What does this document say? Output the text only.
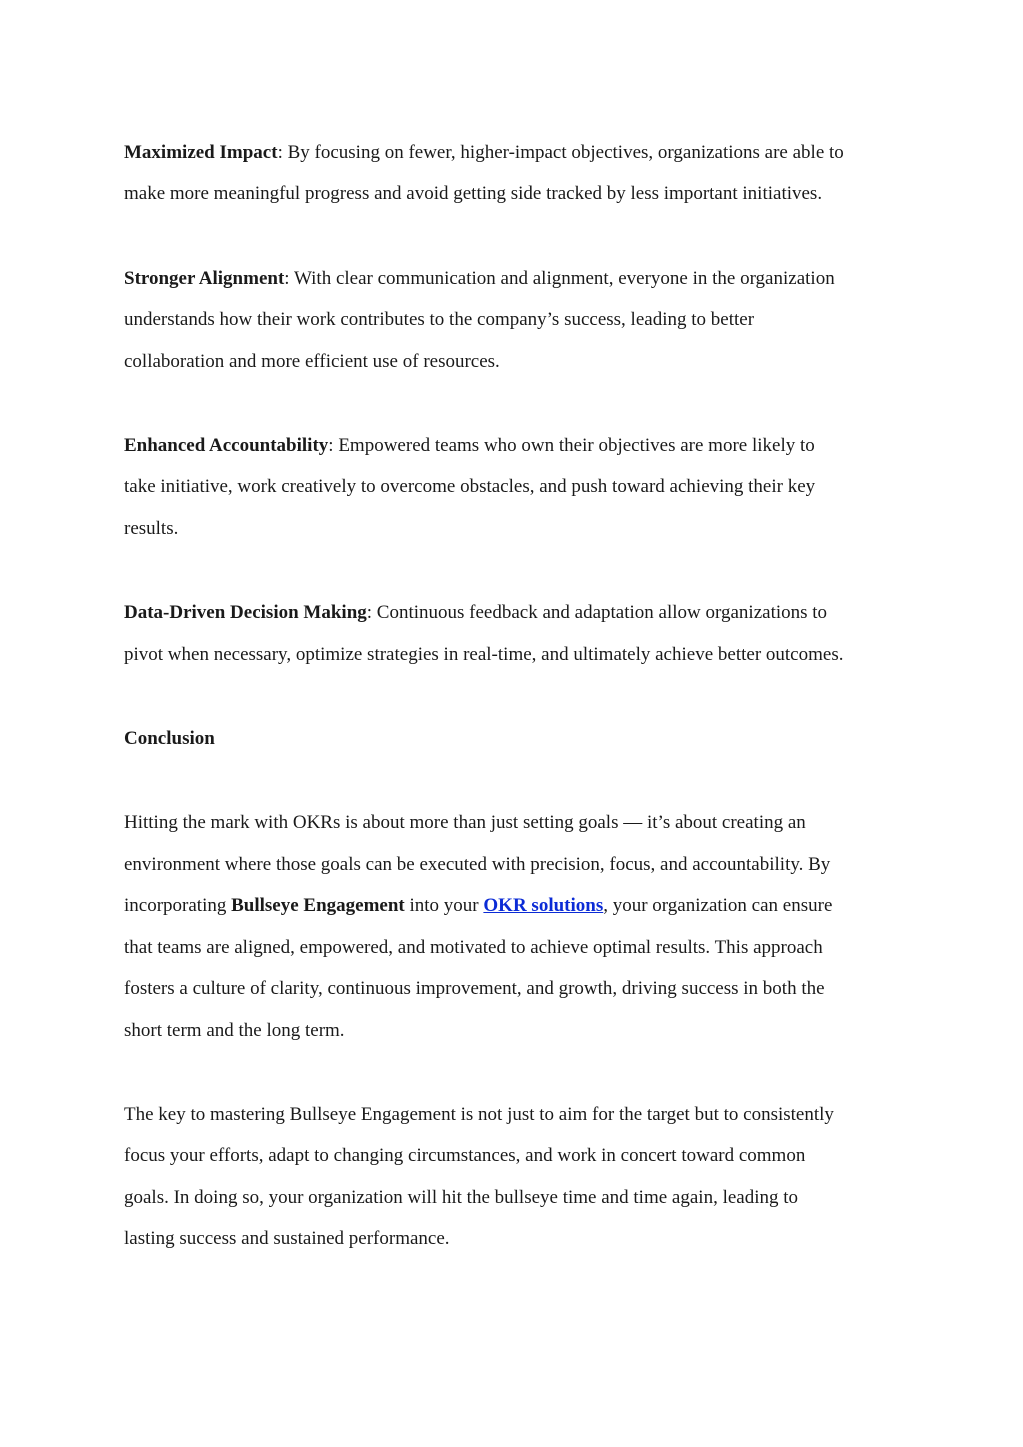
Maximized Impact: By focusing on fewer, higher-impact objectives, organizations are able to
make more meaningful progress and avoid getting side tracked by less important initiatives.
Stronger Alignment: With clear communication and alignment, everyone in the organization
understands how their work contributes to the company’s success, leading to better
collaboration and more efficient use of resources.
Enhanced Accountability: Empowered teams who own their objectives are more likely to
take initiative, work creatively to overcome obstacles, and push toward achieving their key
results.
Data-Driven Decision Making: Continuous feedback and adaptation allow organizations to
pivot when necessary, optimize strategies in real-time, and ultimately achieve better outcomes.
Conclusion
Hitting the mark with OKRs is about more than just setting goals — it’s about creating an
environment where those goals can be executed with precision, focus, and accountability. By
incorporating Bullseye Engagement into your OKR solutions, your organization can ensure
that teams are aligned, empowered, and motivated to achieve optimal results. This approach
fosters a culture of clarity, continuous improvement, and growth, driving success in both the
short term and the long term.
The key to mastering Bullseye Engagement is not just to aim for the target but to consistently
focus your efforts, adapt to changing circumstances, and work in concert toward common
goals. In doing so, your organization will hit the bullseye time and time again, leading to
lasting success and sustained performance.
